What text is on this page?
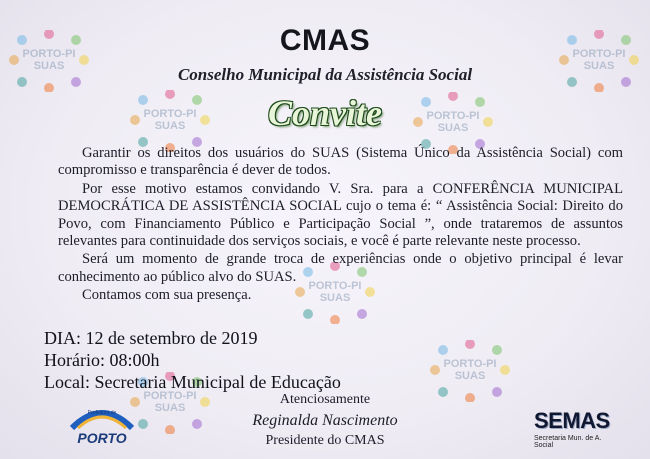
PORTO-PI
SUAS
PORTO-PI
SUAS
PORTO-PI
SUAS
PORTO-PI
SUAS
PORTO-PI
SUAS
PORTO-PI
SUAS
PORTO-PI
SUAS
CMAS
Conselho Municipal da Assistência Social
Convite

Garantir os direitos dos usuários do SUAS (Sistema Único da Assistência Social) com compromisso e transparência é dever de todos.

Por esse motivo estamos convidando V. Sra. para a CONFERÊNCIA MUNICIPAL DEMOCRÁTICA DE ASSISTÊNCIA SOCIAL cujo o tema é: “ Assistência Social: Direito do Povo, com Financiamento Público e Participação Social ”, onde trataremos de assuntos relevantes para continuidade dos serviços sociais, e você é parte relevante neste processo.

Será um momento de grande troca de experiências onde o objetivo principal é levar conhecimento ao público alvo do SUAS.

Contamos com sua presença.

DIA: 12 de setembro de 2019
Horário: 08:00h
Local: Secretaria Municipal de Educação
Atenciosamente
Reginalda Nascimento
Presidente do CMAS
Prefeitura de
PORTO
SEMAS
Secretaria Mun. de A. Social
